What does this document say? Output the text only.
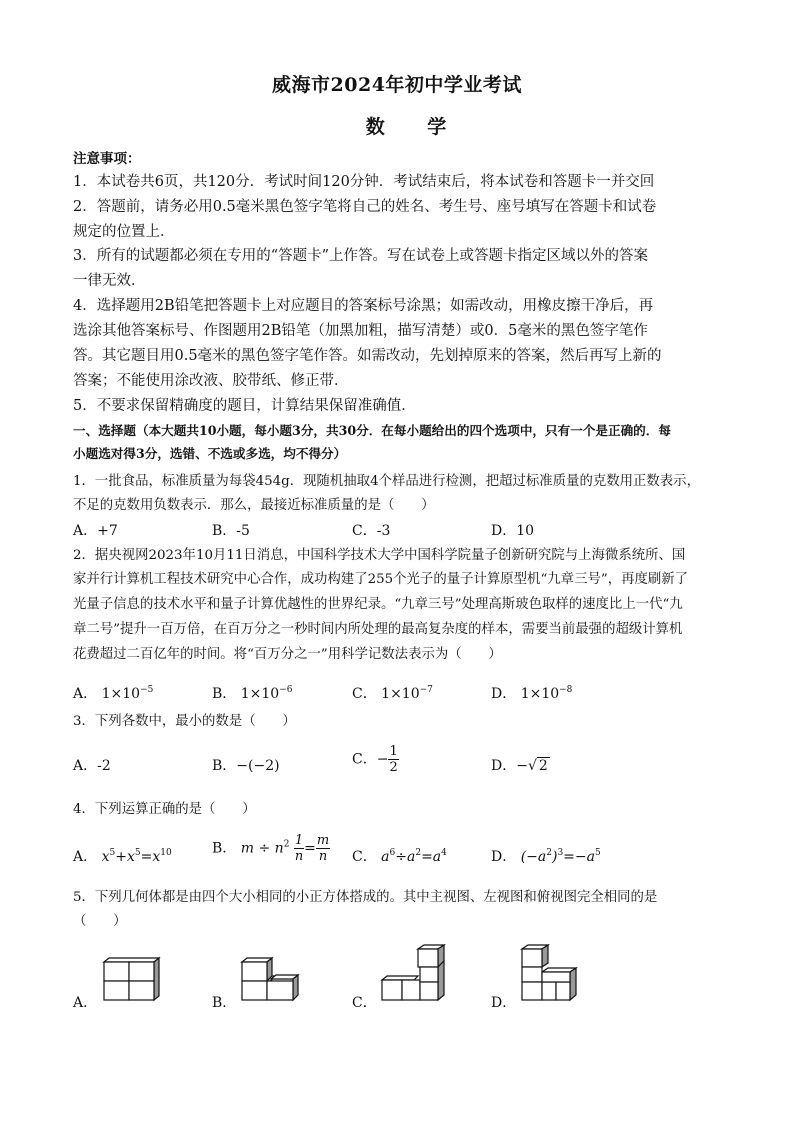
威海市2024年初中学业考试
数 学
注意事项：
1．本试卷共6页，共120分．考试时间120分钟．考试结束后，将本试卷和答题卡一并交回
2．答题前，请务必用0.5毫米黑色签字笔将自己的姓名、考生号、座号填写在答题卡和试卷
规定的位置上．
3．所有的试题都必须在专用的“答题卡”上作答。写在试卷上或答题卡指定区域以外的答案
一律无效．
4．选择题用2B铅笔把答题卡上对应题目的答案标号涂黑；如需改动，用橡皮擦干净后，再
选涂其他答案标号、作图题用2B铅笔（加黑加粗，描写清楚）或0．5毫米的黑色签字笔作
答。其它题目用0.5毫米的黑色签字笔作答。如需改动，先划掉原来的答案，然后再写上新的
答案；不能使用涂改液、胶带纸、修正带．
5．不要求保留精确度的题目，计算结果保留准确值．
一、选择题（本大题共10小题，每小题3分，共30分．在每小题给出的四个选项中，只有一个是正确的．每
小题选对得3分，选错、不选或多选，均不得分）
1．一批食品，标准质量为每袋454g．现随机抽取4个样品进行检测，把超过标准质量的克数用正数表示，
不足的克数用负数表示．那么，最接近标准质量的是（　　）
A．+7	B．-5	C．-3	D．10
2．据央视网2023年10月11日消息，中国科学技术大学中国科学院量子创新研究院与上海微系统所、国
家并行计算机工程技术研究中心合作，成功构建了255个光子的量子计算原型机“九章三号”，再度刷新了
光量子信息的技术水平和量子计算优越性的世界纪录。“九章三号”处理高斯玻色取样的速度比上一代“九
章二号”提升一百万倍，在百万分之一秒时间内所处理的最高复杂度的样本，需要当前最强的超级计算机
花费超过二百亿年的时间。将“百万分之一”用科学记数法表示为（　　）
A． $1\times 10^{-5}$	B． $1\times 10^{-6}$	C． $1\times 10^{-7}$	D． $1\times 10^{-8}$
3．下列各数中，最小的数是（　　）
A．-2	B．−(−2)	C．− $\frac{1}{2}$	D．−√ 2
4．下列运算正确的是（　　）
A． $x^5+x^5=x^{10}$	B． $m \div n^2 \frac{1}{n} = \frac{m}{n}$ C． $a^6\div a^2=a^4$	D． $(-a^2)^3=-a^5$
5．下列几何体都是由四个大小相同的小正方体搭成的。其中主视图、左视图和俯视图完全相同的是
（　　）
A．	B．	C．	D．
